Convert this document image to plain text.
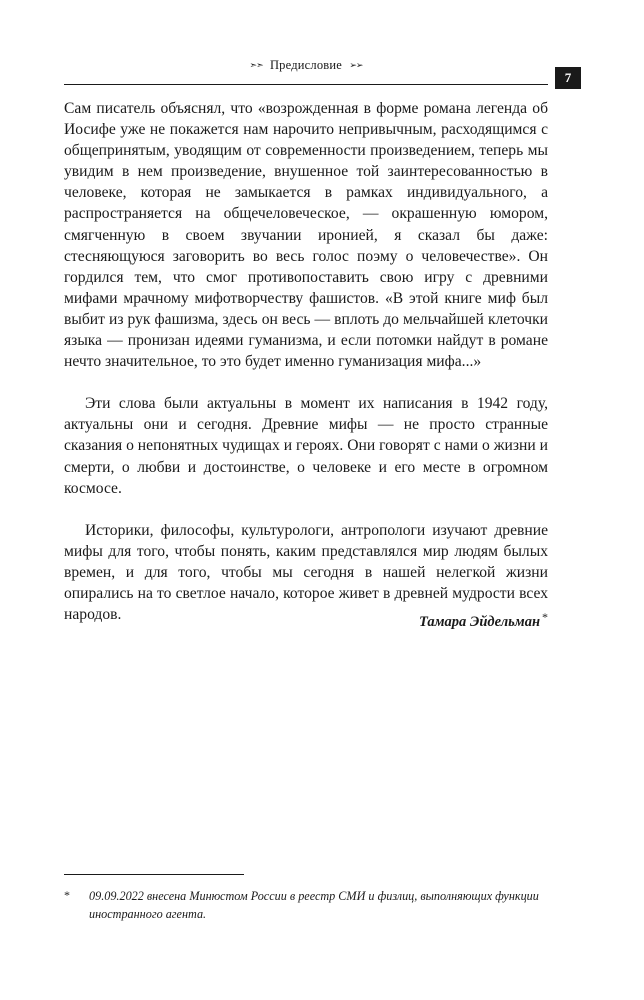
➣➣ Предисловие ➢➢
7

Сам писатель объяснял, что «возрожденная в форме романа легенда об Иосифе уже не покажется нам нарочито непривычным, расходящимся с общепринятым, уводящим от современности произведением, теперь мы увидим в нем произведение, внушенное той заинтересованностью в человеке, которая не замыкается в рамках индивидуального, а распространяется на общечеловеческое, — окрашенную юмором, смягченную в своем звучании иронией, я сказал бы даже: стесняющуюся заговорить во весь голос поэму о человечестве». Он гордился тем, что смог противопоставить свою игру с древними мифами мрачному мифотворчеству фашистов. «В этой книге миф был выбит из рук фашизма, здесь он весь — вплоть до мельчайшей клеточки языка — пронизан идеями гуманизма, и если потомки найдут в романе нечто значительное, то это будет именно гуманизация мифа...»

Эти слова были актуальны в момент их написания в 1942 году, актуальны они и сегодня. Древние мифы — не просто странные сказания о непонятных чудищах и героях. Они говорят с нами о жизни и смерти, о любви и достоинстве, о человеке и его месте в огромном космосе.

Историки, философы, культурологи, антропологи изучают древние мифы для того, чтобы понять, каким представлялся мир людям былых времен, и для того, чтобы мы сегодня в нашей нелегкой жизни опирались на то светлое начало, которое живет в древней мудрости всех народов.	Тамара Эйдельман *
*	09.09.2022 внесена Минюстом России в реестр СМИ и физлиц, выполняющих функции иностранного агента.
